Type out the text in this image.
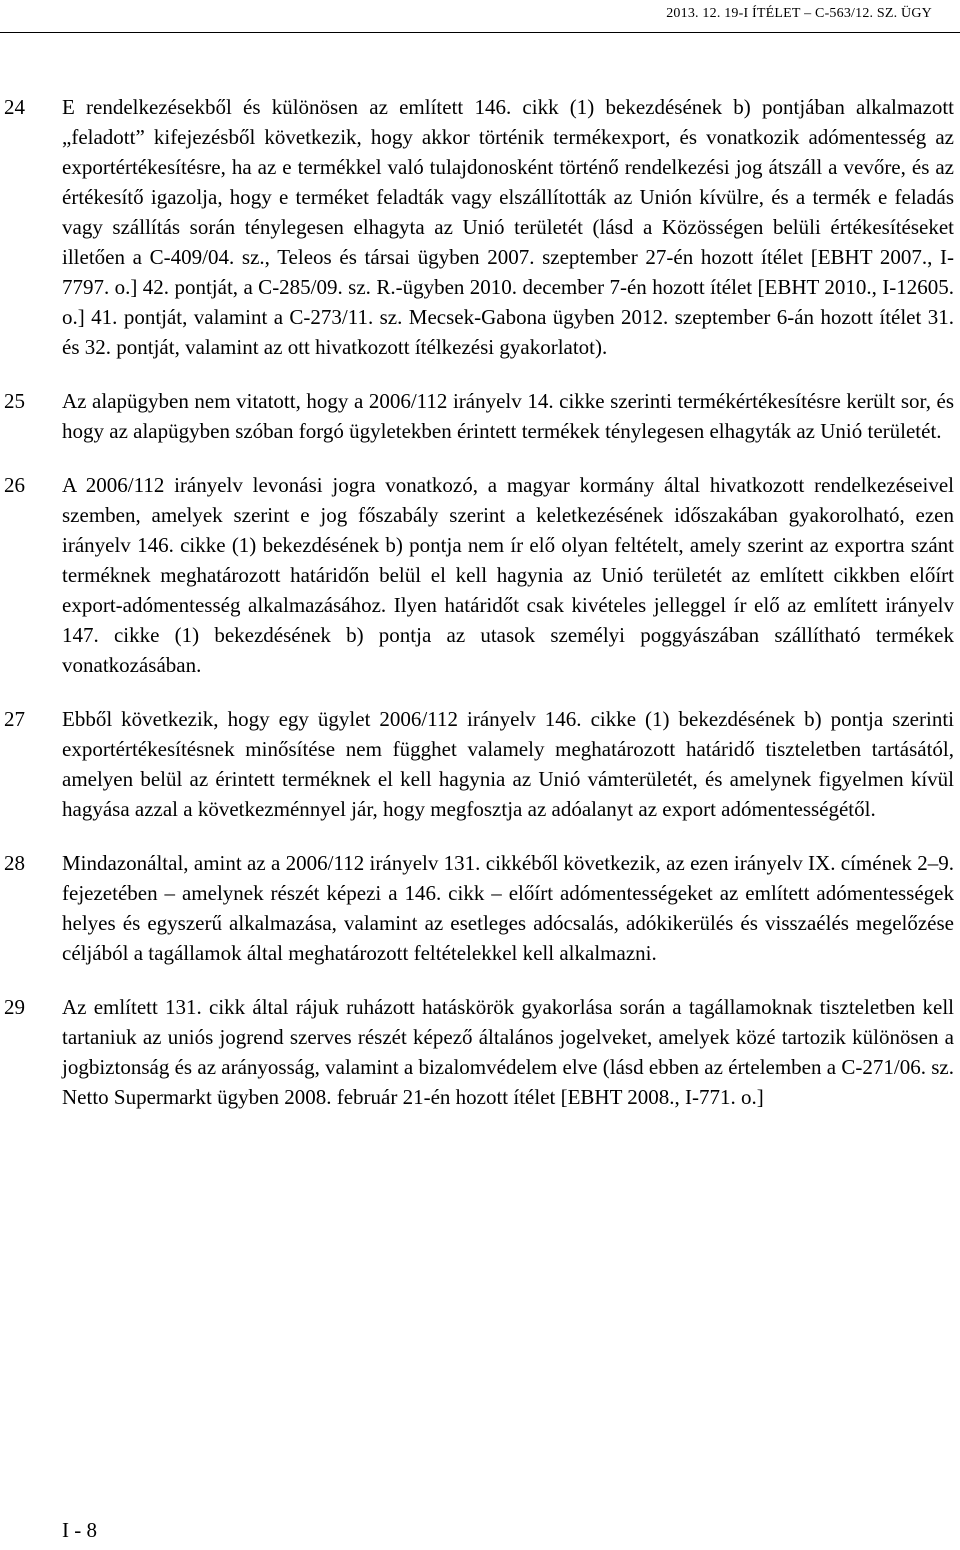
2013. 12. 19-I ÍTÉLET – C-563/12. SZ. ÜGY
24 E rendelkezésekből és különösen az említett 146. cikk (1) bekezdésének b) pontjában alkalmazott „feladott” kifejezésből következik, hogy akkor történik termékexport, és vonatkozik adómentesség az exportértékesítésre, ha az e termékkel való tulajdonosként történő rendelkezési jog átszáll a vevőre, és az értékesítő igazolja, hogy e terméket feladták vagy elszállították az Unión kívülre, és a termék e feladás vagy szállítás során ténylegesen elhagyta az Unió területét (lásd a Közösségen belüli értékesítéseket illetően a C-409/04. sz., Teleos és társai ügyben 2007. szeptember 27-én hozott ítélet [EBHT 2007., I-7797. o.] 42. pontját, a C-285/09. sz. R.-ügyben 2010. december 7-én hozott ítélet [EBHT 2010., I-12605. o.] 41. pontját, valamint a C-273/11. sz. Mecsek-Gabona ügyben 2012. szeptember 6-án hozott ítélet 31. és 32. pontját, valamint az ott hivatkozott ítélkezési gyakorlatot).
25 Az alapügyben nem vitatott, hogy a 2006/112 irányelv 14. cikke szerinti termékértékesítésre került sor, és hogy az alapügyben szóban forgó ügyletekben érintett termékek ténylegesen elhagyták az Unió területét.
26 A 2006/112 irányelv levonási jogra vonatkozó, a magyar kormány által hivatkozott rendelkezéseivel szemben, amelyek szerint e jog főszabály szerint a keletkezésének időszakában gyakorolható, ezen irányelv 146. cikke (1) bekezdésének b) pontja nem ír elő olyan feltételt, amely szerint az exportra szánt terméknek meghatározott határidőn belül el kell hagynia az Unió területét az említett cikkben előírt export-adómentesség alkalmazásához. Ilyen határidőt csak kivételes jelleggel ír elő az említett irányelv 147. cikke (1) bekezdésének b) pontja az utasok személyi poggyászában szállítható termékek vonatkozásában.
27 Ebből következik, hogy egy ügylet 2006/112 irányelv 146. cikke (1) bekezdésének b) pontja szerinti exportértékesítésnek minősítése nem függhet valamely meghatározott határidő tiszteletben tartásától, amelyen belül az érintett terméknek el kell hagynia az Unió vámterületét, és amelynek figyelmen kívül hagyása azzal a következménnyel jár, hogy megfosztja az adóalanyt az export adómentességétől.
28 Mindazonáltal, amint az a 2006/112 irányelv 131. cikkéből következik, az ezen irányelv IX. címének 2–9. fejezetében – amelynek részét képezi a 146. cikk – előírt adómentességeket az említett adómentességek helyes és egyszerű alkalmazása, valamint az esetleges adócsalás, adókikerülés és visszaélés megelőzése céljából a tagállamok által meghatározott feltételekkel kell alkalmazni.
29 Az említett 131. cikk által rájuk ruházott hatáskörök gyakorlása során a tagállamoknak tiszteletben kell tartaniuk az uniós jogrend szerves részét képező általános jogelveket, amelyek közé tartozik különösen a jogbiztonság és az arányosság, valamint a bizalomvédelem elve (lásd ebben az értelemben a C-271/06. sz. Netto Supermarkt ügyben 2008. február 21-én hozott ítélet [EBHT 2008., I-771. o.]
I - 8
